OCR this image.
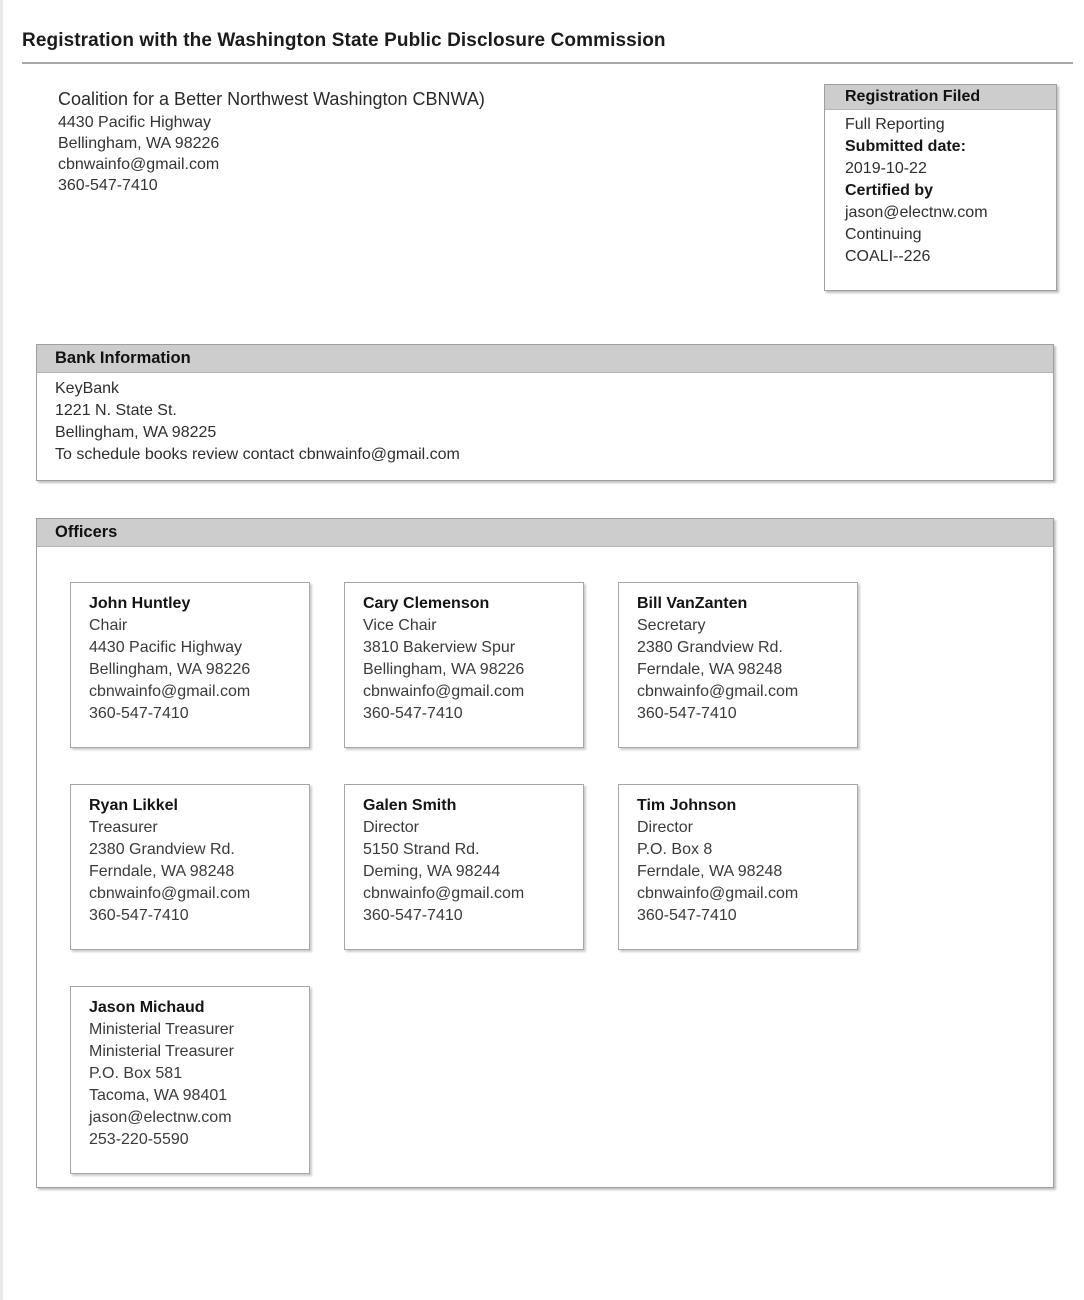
Registration with the Washington State Public Disclosure Commission
Coalition for a Better Northwest Washington CBNWA)
4430 Pacific Highway
Bellingham, WA 98226
cbnwainfo@gmail.com
360-547-7410
Registration Filed
Full Reporting
Submitted date:
2019-10-22
Certified by
jason@electnw.com
Continuing
COALI--226
Bank Information
KeyBank
1221 N. State St.
Bellingham, WA 98225
To schedule books review contact cbnwainfo@gmail.com
Officers
John Huntley
Chair
4430 Pacific Highway
Bellingham, WA 98226
cbnwainfo@gmail.com
360-547-7410
Cary Clemenson
Vice Chair
3810 Bakerview Spur
Bellingham, WA 98226
cbnwainfo@gmail.com
360-547-7410
Bill VanZanten
Secretary
2380 Grandview Rd.
Ferndale, WA 98248
cbnwainfo@gmail.com
360-547-7410
Ryan Likkel
Treasurer
2380 Grandview Rd.
Ferndale, WA 98248
cbnwainfo@gmail.com
360-547-7410
Galen Smith
Director
5150 Strand Rd.
Deming, WA 98244
cbnwainfo@gmail.com
360-547-7410
Tim Johnson
Director
P.O. Box 8
Ferndale, WA 98248
cbnwainfo@gmail.com
360-547-7410
Jason Michaud
Ministerial Treasurer
Ministerial Treasurer
P.O. Box 581
Tacoma, WA 98401
jason@electnw.com
253-220-5590
